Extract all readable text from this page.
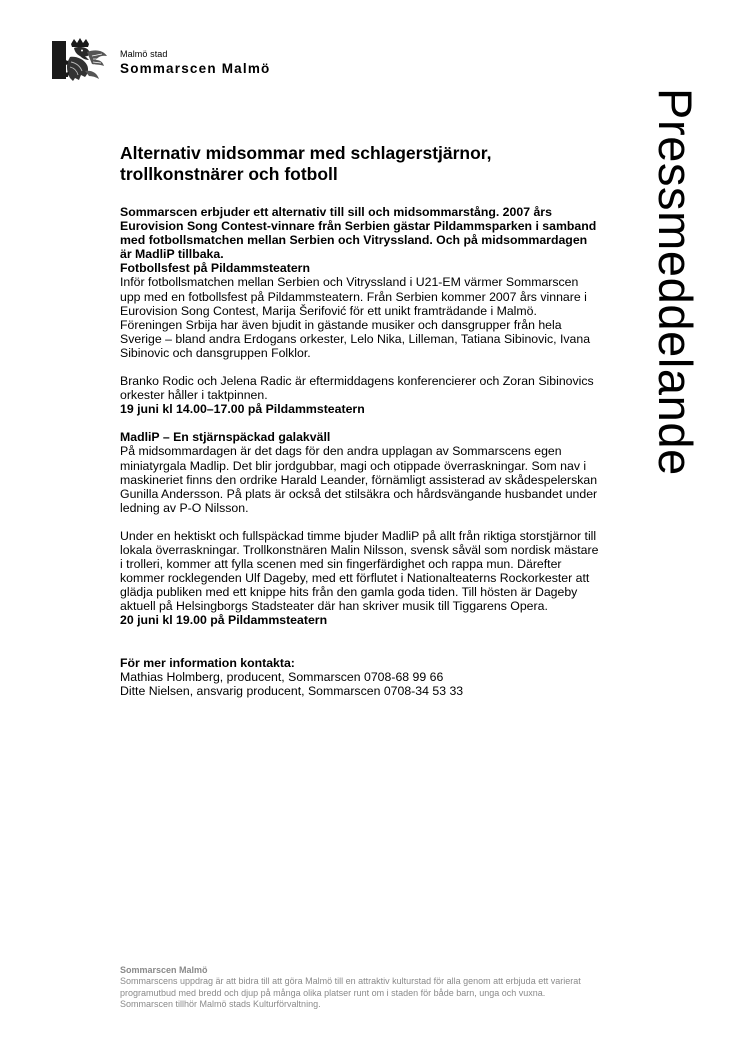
Malmö stad
Sommarscen Malmö
Pressmeddelande
Alternativ midsommar med schlagerstjärnor, trollkonstnärer och fotboll

Sommarscen erbjuder ett alternativ till sill och midsommarstång. 2007 års Eurovision Song Contest-vinnare från Serbien gästar Pildammsparken i samband med fotbollsmatchen mellan Serbien och Vitryssland. Och på midsommardagen är MadliP tillbaka.

Fotbollsfest på Pildammsteatern

Inför fotbollsmatchen mellan Serbien och Vitryssland i U21-EM värmer Sommarscen upp med en fotbollsfest på Pildammsteatern. Från Serbien kommer 2007 års vinnare i Eurovision Song Contest, Marija Šerifović för ett unikt framträdande i Malmö. Föreningen Srbija har även bjudit in gästande musiker och dansgrupper från hela Sverige – bland andra Erdogans orkester, Lelo Nika, Lilleman, Tatiana Sibinovic, Ivana Sibinovic och dansgruppen Folklor.

Branko Rodic och Jelena Radic är eftermiddagens konferencierer och Zoran Sibinovics orkester håller i taktpinnen.

19 juni kl 14.00–17.00 på Pildammsteatern
MadliP – En stjärnspäckad galakväll

På midsommardagen är det dags för den andra upplagan av Sommarscens egen miniatyrgala Madlip. Det blir jordgubbar, magi och otippade överraskningar. Som nav i maskineriet finns den ordrike Harald Leander, förnämligt assisterad av skådespelerskan Gunilla Andersson. På plats är också det stilsäkra och hårdsvängande husbandet under ledning av P-O Nilsson.

Under en hektiskt och fullspäckad timme bjuder MadliP på allt från riktiga storstjärnor till lokala överraskningar. Trollkonstnären Malin Nilsson, svensk såväl som nordisk mästare i trolleri, kommer att fylla scenen med sin fingerfärdighet och rappa mun. Därefter kommer rocklegenden Ulf Dageby, med ett förflutet i Nationalteaterns Rockorkester att glädja publiken med ett knippe hits från den gamla goda tiden. Till hösten är Dageby aktuell på Helsingborgs Stadsteater där han skriver musik till Tiggarens Opera.

20 juni kl 19.00 på Pildammsteatern
För mer information kontakta:
Mathias Holmberg, producent, Sommarscen 0708-68 99 66
Ditte Nielsen, ansvarig producent, Sommarscen 0708-34 53 33
Sommarscen Malmö
Sommarscens uppdrag är att bidra till att göra Malmö till en attraktiv kulturstad för alla genom att erbjuda ett varierat programutbud med bredd och djup på många olika platser runt om i staden för både barn, unga och vuxna. Sommarscen tillhör Malmö stads Kulturförvaltning.
